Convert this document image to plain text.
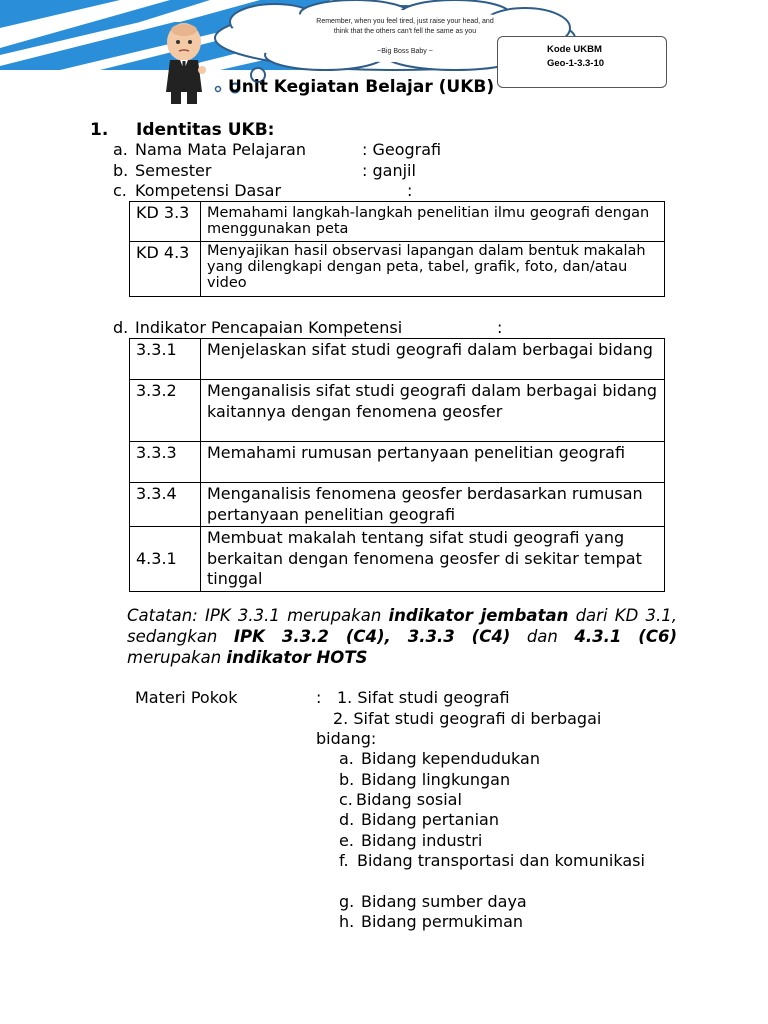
Remember, when you feel tired, just raise your head, and
think that the others can't fell the same as you
~Big Boss Baby ~	Kode UKBM
Geo-1-3.3-10
Unit Kegiatan Belajar (UKB)
1. Identitas UKB:
a. Nama Mata Pelajaran	: Geografi
b. Semester	: ganjil
c. Kompetensi Dasar	:
KD 3.3	Memahami langkah-langkah penelitian ilmu geografi dengan menggunakan peta
KD 4.3	Menyajikan hasil observasi lapangan dalam bentuk makalah yang dilengkapi dengan peta, tabel, grafik, foto, dan/atau video
d. Indikator Pencapaian Kompetensi	:
3.3.1	Menjelaskan sifat studi geografi dalam berbagai bidang
3.3.2	Menganalisis sifat studi geografi dalam berbagai bidang kaitannya dengan fenomena geosfer
3.3.3	Memahami rumusan pertanyaan penelitian geografi
3.3.4	Menganalisis fenomena geosfer berdasarkan rumusan pertanyaan penelitian geografi
4.3.1	Membuat makalah tentang sifat studi geografi yang berkaitan dengan fenomena geosfer di sekitar tempat tinggal
Catatan: IPK 3.3.1 merupakan indikator jembatan dari KD 3.1, sedangkan IPK 3.3.2 (C4), 3.3.3 (C4) dan 4.3.1 (C6) merupakan indikator HOTS
Materi Pokok	: 1. Sifat studi geografi
2. Sifat studi geografi di berbagai
bidang:
a. Bidang kependudukan
b. Bidang lingkungan
c. Bidang sosial
d. Bidang pertanian
e. Bidang industri
f. Bidang transportasi dan komunikasi
g. Bidang sumber daya
h. Bidang permukiman
